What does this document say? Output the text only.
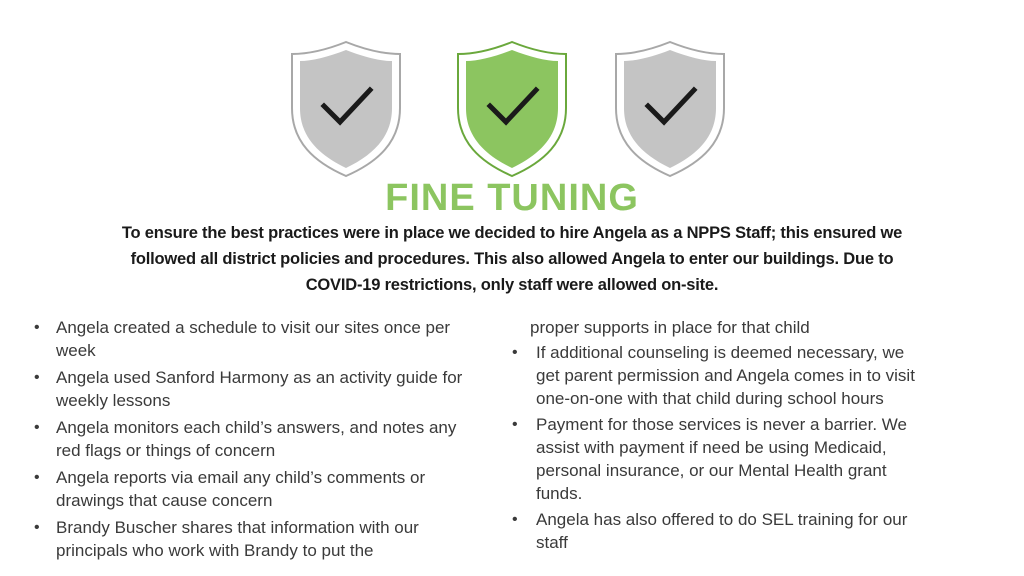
FINE TUNING
To ensure the best practices were in place we decided to hire Angela as a NPPS Staff; this ensured we followed all district policies and procedures. This also allowed Angela to enter our buildings. Due to COVID-19 restrictions, only staff were allowed on-site.
• Angela created a schedule to visit our sites once per week
• Angela used Sanford Harmony as an activity guide for weekly lessons
• Angela monitors each child’s answers, and notes any red flags or things of concern
• Angela reports via email any child’s comments or drawings that cause concern
• Brandy Buscher shares that information with our principals who work with Brandy to put the
proper supports in place for that child
• If additional counseling is deemed necessary, we get parent permission and Angela comes in to visit one-on-one with that child during school hours
• Payment for those services is never a barrier. We assist with payment if need be using Medicaid, personal insurance, or our Mental Health grant funds.
• Angela has also offered to do SEL training for our staff
